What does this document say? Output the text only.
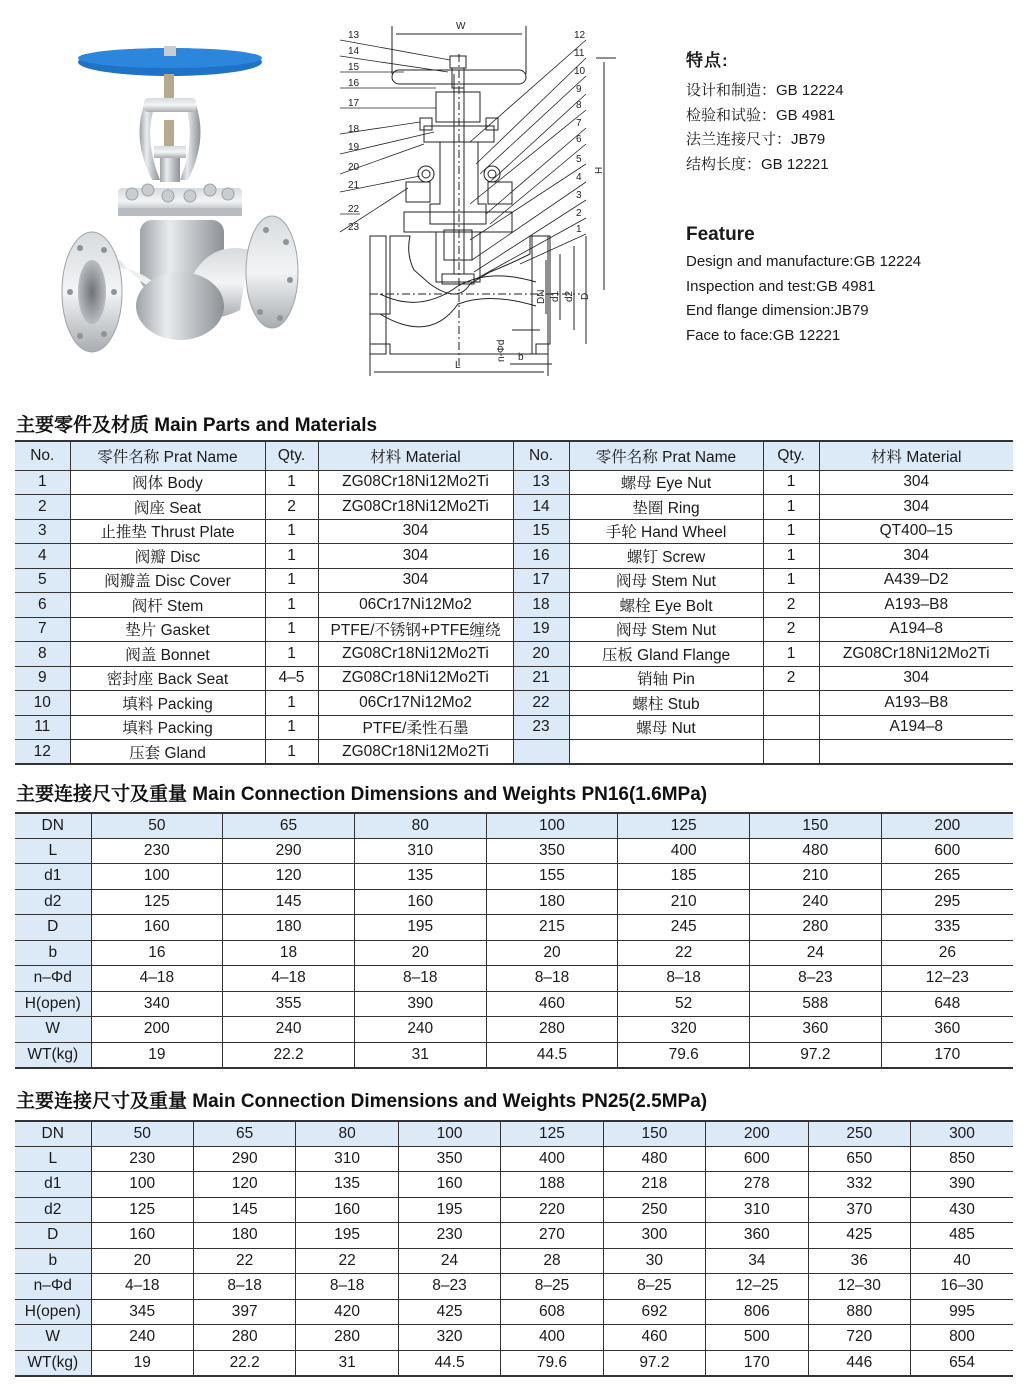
W
L
H
DN d1 d2 D
n-Φd b
13
14
15
16
17
18
19
20
21
22
23
12
11
10
9
8
7
6
5
4
3
2
1
特点:
设计和制造：GB 12224
检验和试验：GB 4981
法兰连接尺寸：JB79
结构长度：GB 12221
Feature
Design and manufacture:GB 12224
Inspection and test:GB 4981
End flange dimension:JB79
Face to face:GB 12221
主要零件及材质 Main Parts and Materials
No.	零件名称 Prat Name	Qty.	材料 Material	No.	零件名称 Prat Name	Qty.	材料 Material
1	阀体 Body	1	ZG08Cr18Ni12Mo2Ti	13	螺母 Eye Nut	1	304
2	阀座 Seat	2	ZG08Cr18Ni12Mo2Ti	14	垫圈 Ring	1	304
3	止推垫 Thrust Plate	1	304	15	手轮 Hand Wheel	1	QT400–15
4	阀瓣 Disc	1	304	16	螺钉 Screw	1	304
5	阀瓣盖 Disc Cover	1	304	17	阀母 Stem Nut	1	A439–D2
6	阀杆 Stem	1	06Cr17Ni12Mo2	18	螺栓 Eye Bolt	2	A193–B8
7	垫片 Gasket	1	PTFE/不锈钢+PTFE缠绕	19	阀母 Stem Nut	2	A194–8
8	阀盖 Bonnet	1	ZG08Cr18Ni12Mo2Ti	20	压板 Gland Flange	1	ZG08Cr18Ni12Mo2Ti
9	密封座 Back Seat	4–5	ZG08Cr18Ni12Mo2Ti	21	销轴 Pin	2	304
10	填料 Packing	1	06Cr17Ni12Mo2	22	螺柱 Stub		A193–B8
11	填料 Packing	1	PTFE/柔性石墨	23	螺母 Nut		A194–8
12	压套 Gland	1	ZG08Cr18Ni12Mo2Ti				
主要连接尺寸及重量 Main Connection Dimensions and Weights PN16(1.6MPa)
DN	50	65	80	100	125	150	200
L	230	290	310	350	400	480	600
d1	100	120	135	155	185	210	265
d2	125	145	160	180	210	240	295
D	160	180	195	215	245	280	335
b	16	18	20	20	22	24	26
n–Φd	4–18	4–18	8–18	8–18	8–18	8–23	12–23
H(open)	340	355	390	460	52	588	648
W	200	240	240	280	320	360	360
WT(kg)	19	22.2	31	44.5	79.6	97.2	170
主要连接尺寸及重量 Main Connection Dimensions and Weights PN25(2.5MPa)
DN	50	65	80	100	125	150	200	250	300
L	230	290	310	350	400	480	600	650	850
d1	100	120	135	160	188	218	278	332	390
d2	125	145	160	195	220	250	310	370	430
D	160	180	195	230	270	300	360	425	485
b	20	22	22	24	28	30	34	36	40
n–Φd	4–18	8–18	8–18	8–23	8–25	8–25	12–25	12–30	16–30
H(open)	345	397	420	425	608	692	806	880	995
W	240	280	280	320	400	460	500	720	800
WT(kg)	19	22.2	31	44.5	79.6	97.2	170	446	654
